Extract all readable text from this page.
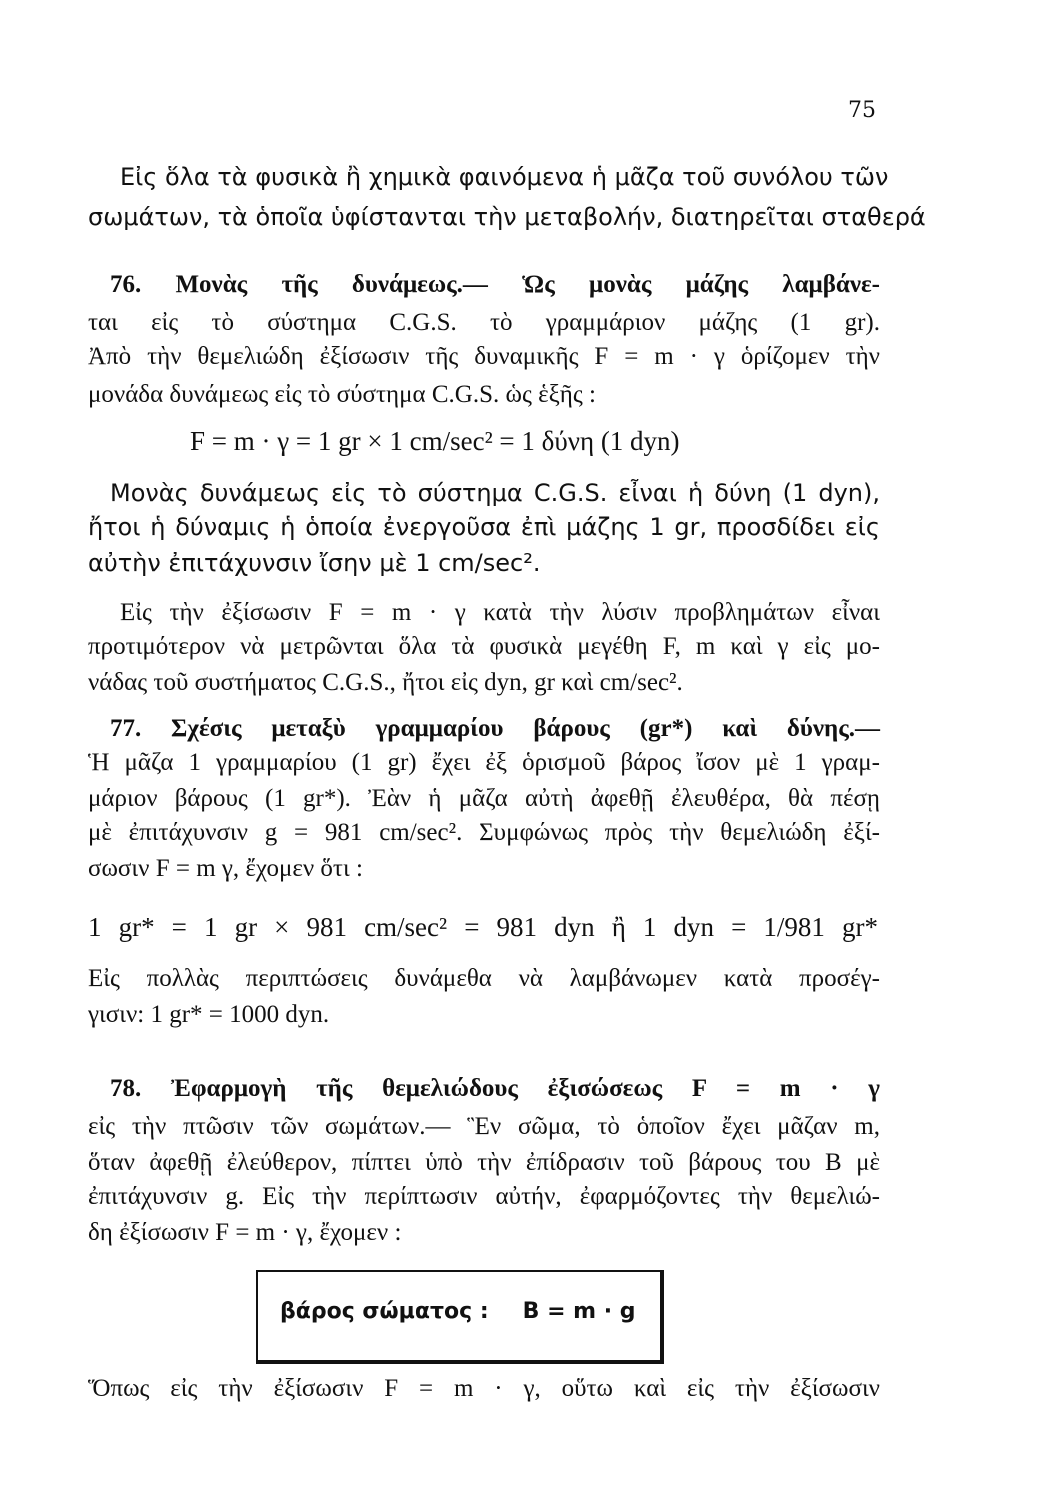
75
Εἰς ὅλα τὰ φυσικὰ ἢ χημικὰ φαινόμενα ἡ μᾶζα τοῦ συνόλου τῶν
σωμάτων, τὰ ὁποῖα ὑφίστανται τὴν μεταβολήν, διατηρεῖται σταθερά
76. Μονὰς τῆς δυνάμεως.— Ὡς μονὰς μάζης λαμβάνε-
ται εἰς τὸ σύστημα C.G.S. τὸ γραμμάριον μάζης (1 gr).
Ἀπὸ τὴν θεμελιώδη ἐξίσωσιν τῆς δυναμικῆς F = m · γ ὁρίζομεν τὴν
μονάδα δυνάμεως εἰς τὸ σύστημα C.G.S. ὡς ἑξῆς :
F = m · γ = 1 gr × 1 cm/sec² = 1 δύνη (1 dyn)
Μονὰς δυνάμεως εἰς τὸ σύστημα C.G.S. εἶναι ἡ δύνη (1 dyn),
ἤτοι ἡ δύναμις ἡ ὁποία ἐνεργοῦσα ἐπὶ μάζης 1 gr, προσδίδει εἰς
αὐτὴν ἐπιτάχυνσιν ἴσην μὲ 1 cm/sec².
Εἰς τὴν ἐξίσωσιν F = m · γ κατὰ τὴν λύσιν προβλημάτων εἶναι
προτιμότερον νὰ μετρῶνται ὅλα τὰ φυσικὰ μεγέθη F, m καὶ γ εἰς μο-
νάδας τοῦ συστήματος C.G.S., ἤτοι εἰς dyn, gr καὶ cm/sec².
77. Σχέσις μεταξὺ γραμμαρίου βάρους (gr*) καὶ δύνης.—
Ἡ μᾶζα 1 γραμμαρίου (1 gr) ἔχει ἐξ ὁρισμοῦ βάρος ἴσον μὲ 1 γραμ-
μάριον βάρους (1 gr*). Ἐὰν ἡ μᾶζα αὐτὴ ἀφεθῇ ἐλευθέρα, θὰ πέσῃ
μὲ ἐπιτάχυνσιν g = 981 cm/sec². Συμφώνως πρὸς τὴν θεμελιώδη ἐξί-
σωσιν F = m γ, ἔχομεν ὅτι :
1 gr* = 1 gr × 981 cm/sec² = 981 dyn ἢ 1 dyn = 1/981 gr*
Εἰς πολλὰς περιπτώσεις δυνάμεθα νὰ λαμβάνωμεν κατὰ προσέγ-
γισιν: 1 gr* = 1000 dyn.
78. Ἐφαρμογὴ τῆς θεμελιώδους ἐξισώσεως F = m · γ
εἰς τὴν πτῶσιν τῶν σωμάτων.— Ἓν σῶμα, τὸ ὁποῖον ἔχει μᾶζαν m,
ὅταν ἀφεθῇ ἐλεύθερον, πίπτει ὑπὸ τὴν ἐπίδρασιν τοῦ βάρους του B μὲ
ἐπιτάχυνσιν g. Εἰς τὴν περίπτωσιν αὐτήν, ἐφαρμόζοντες τὴν θεμελιώ-
δη ἐξίσωσιν F = m · γ, ἔχομεν :
βάρος σώματος : B = m · g
Ὅπως εἰς τὴν ἐξίσωσιν F = m · γ, οὕτω καὶ εἰς τὴν ἐξίσωσιν
